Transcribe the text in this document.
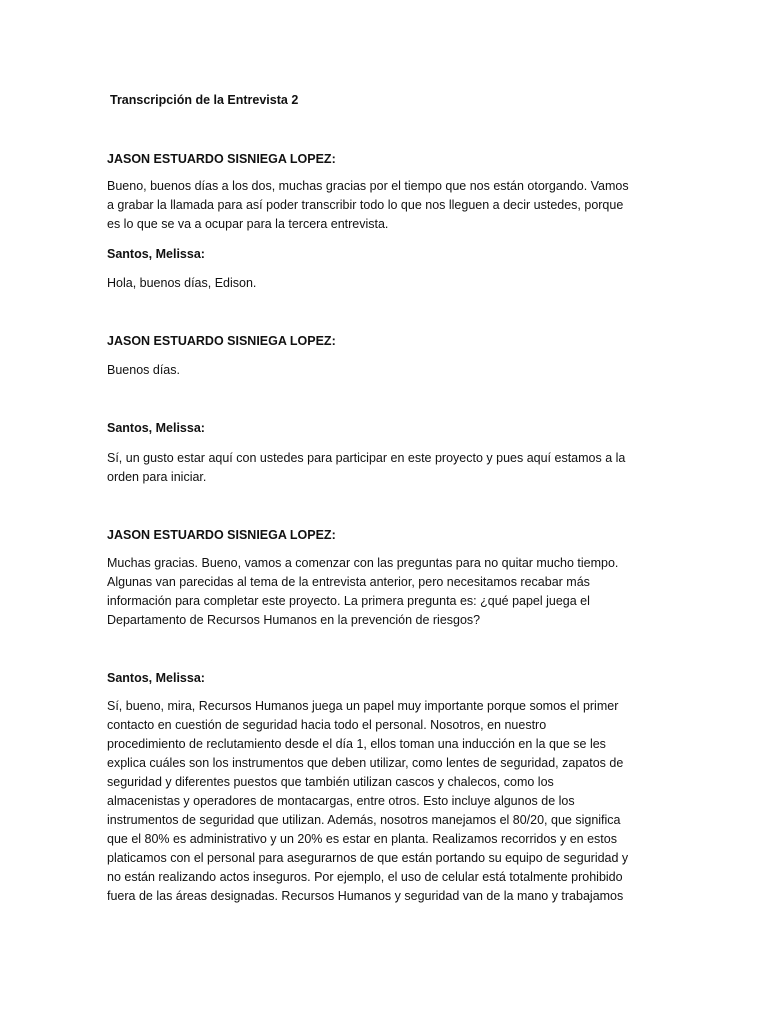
Transcripción de la Entrevista 2

JASON ESTUARDO SISNIEGA LOPEZ:

Bueno, buenos días a los dos, muchas gracias por el tiempo que nos están otorgando. Vamos
a grabar la llamada para así poder transcribir todo lo que nos lleguen a decir ustedes, porque
es lo que se va a ocupar para la tercera entrevista.

Santos, Melissa:

Hola, buenos días, Edison.

JASON ESTUARDO SISNIEGA LOPEZ:

Buenos días.

Santos, Melissa:

Sí, un gusto estar aquí con ustedes para participar en este proyecto y pues aquí estamos a la
orden para iniciar.

JASON ESTUARDO SISNIEGA LOPEZ:

Muchas gracias. Bueno, vamos a comenzar con las preguntas para no quitar mucho tiempo.
Algunas van parecidas al tema de la entrevista anterior, pero necesitamos recabar más
información para completar este proyecto. La primera pregunta es: ¿qué papel juega el
Departamento de Recursos Humanos en la prevención de riesgos?

Santos, Melissa:

Sí, bueno, mira, Recursos Humanos juega un papel muy importante porque somos el primer
contacto en cuestión de seguridad hacia todo el personal. Nosotros, en nuestro
procedimiento de reclutamiento desde el día 1, ellos toman una inducción en la que se les
explica cuáles son los instrumentos que deben utilizar, como lentes de seguridad, zapatos de
seguridad y diferentes puestos que también utilizan cascos y chalecos, como los
almacenistas y operadores de montacargas, entre otros. Esto incluye algunos de los
instrumentos de seguridad que utilizan. Además, nosotros manejamos el 80/20, que significa
que el 80% es administrativo y un 20% es estar en planta. Realizamos recorridos y en estos
platicamos con el personal para asegurarnos de que están portando su equipo de seguridad y
no están realizando actos inseguros. Por ejemplo, el uso de celular está totalmente prohibido
fuera de las áreas designadas. Recursos Humanos y seguridad van de la mano y trabajamos
